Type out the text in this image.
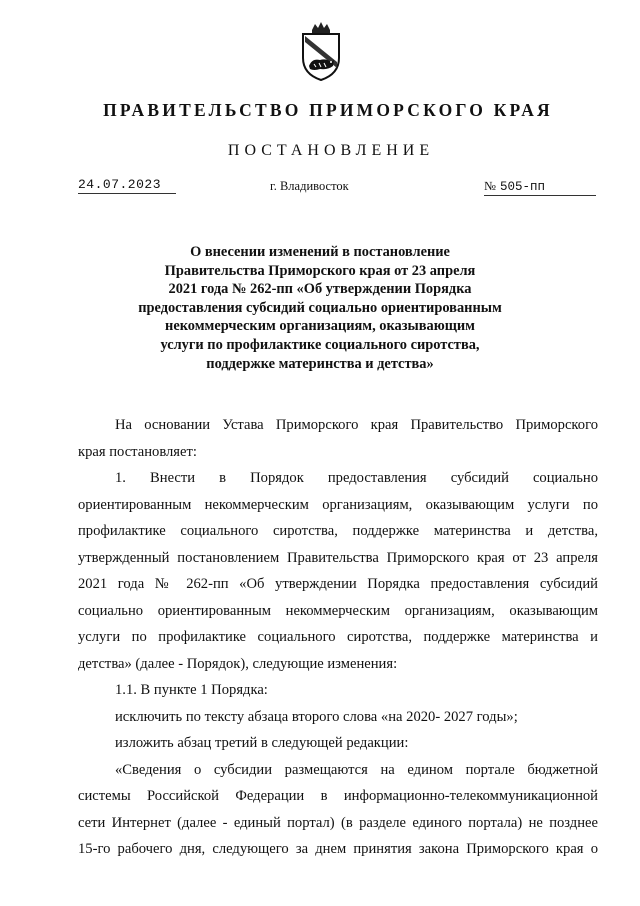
ПРАВИТЕЛЬСТВО ПРИМОРСКОГО КРАЯ
ПОСТАНОВЛЕНИЕ
24.07.2023	г. Владивосток	№ 505-пп
О внесении изменений в постановление
Правительства Приморского края от 23 апреля
2021 года № 262-пп «Об утверждении Порядка
предоставления субсидий социально ориентированным
некоммерческим организациям, оказывающим
услуги по профилактике социального сиротства,
поддержке материнства и детства»
На основании Устава Приморского края Правительство Приморского
края постановляет:
1. Внести в Порядок предоставления субсидий социально
ориентированным некоммерческим организациям, оказывающим услуги по
профилактике социального сиротства, поддержке материнства и детства,
утвержденный постановлением Правительства Приморского края от 23 апреля
2021 года № 262-пп «Об утверждении Порядка предоставления субсидий
социально ориентированным некоммерческим организациям, оказывающим
услуги по профилактике социального сиротства, поддержке материнства и
детства» (далее - Порядок), следующие изменения:
1.1. В пункте 1 Порядка:
исключить по тексту абзаца второго слова «на 2020- 2027 годы»;
изложить абзац третий в следующей редакции:
«Сведения о субсидии размещаются на едином портале бюджетной
системы Российской Федерации в информационно-телекоммуникационной
сети Интернет (далее - единый портал) (в разделе единого портала) не позднее
15-го рабочего дня, следующего за днем принятия закона Приморского края о
